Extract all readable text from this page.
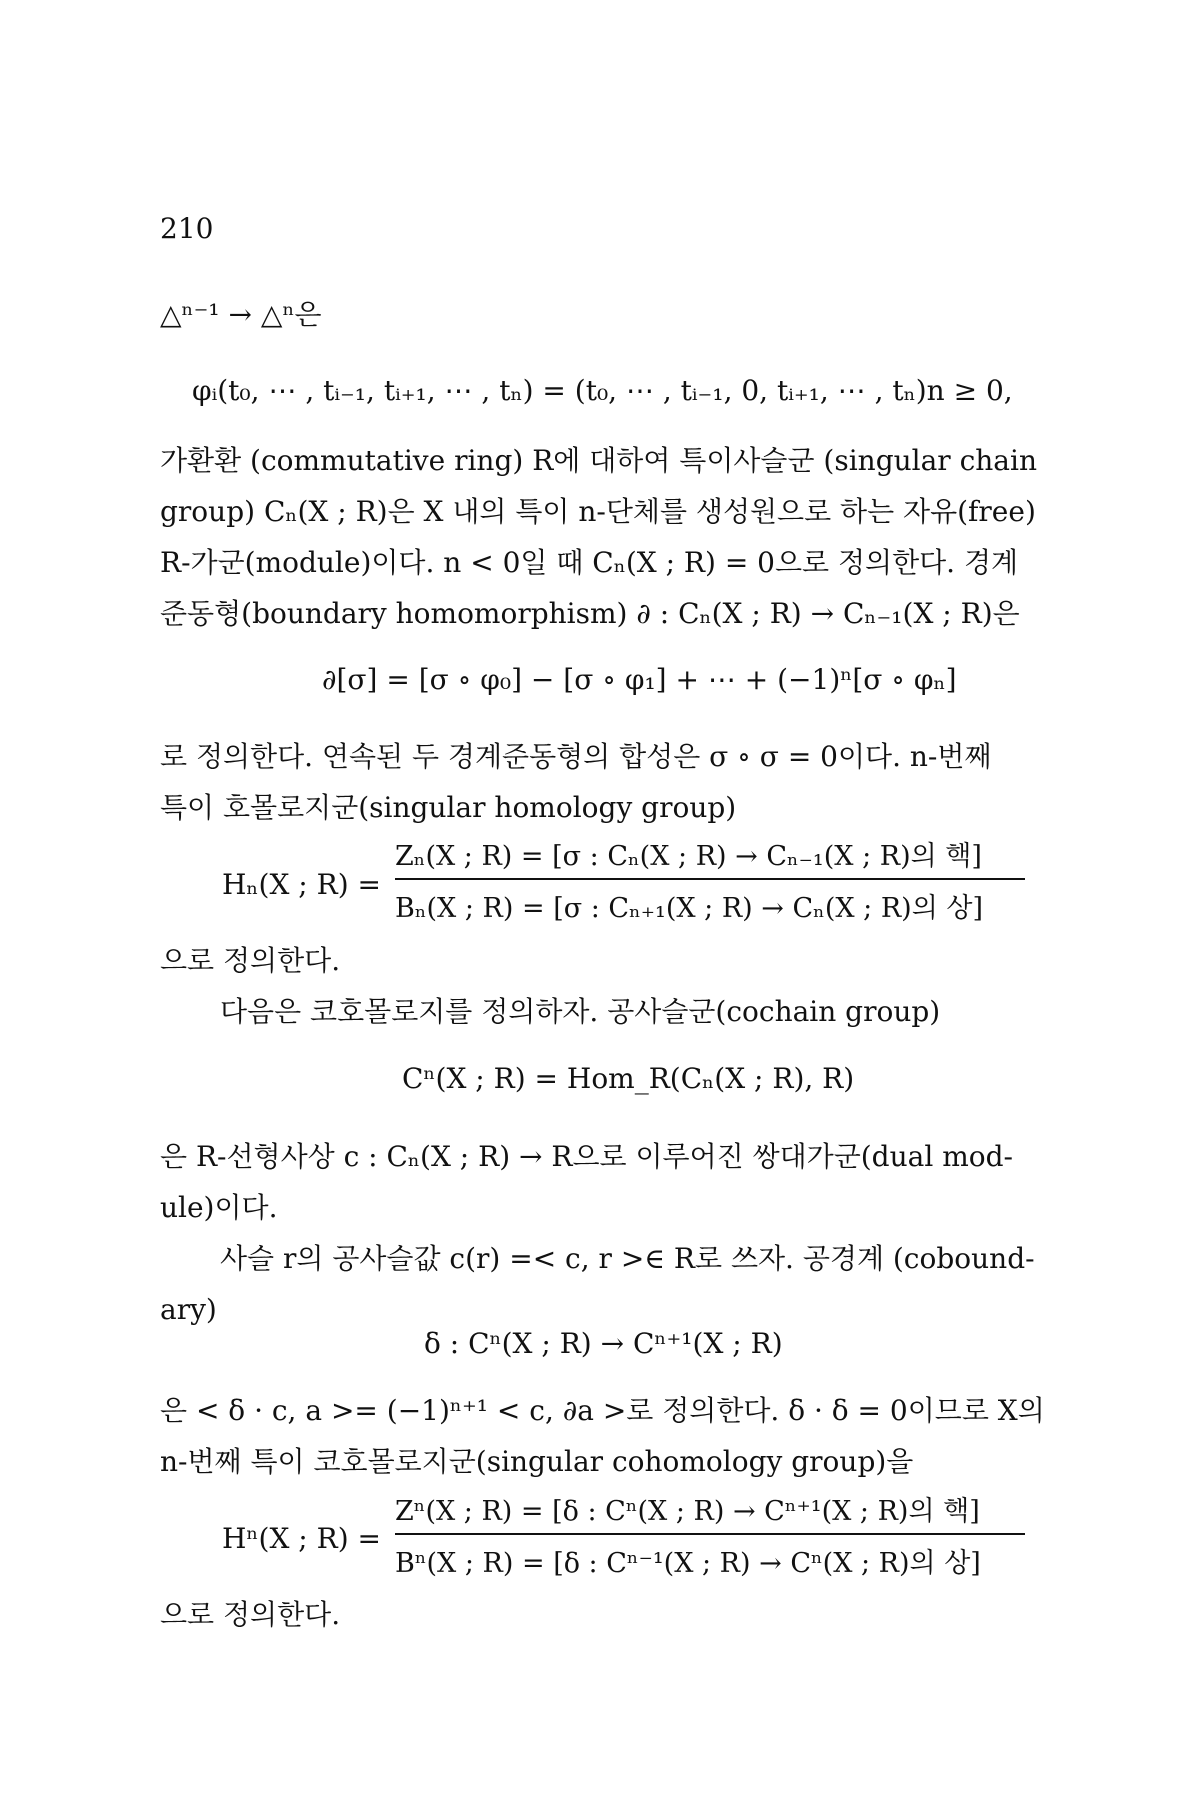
210
△ⁿ⁻¹ → △ⁿ은
φᵢ(t₀, ⋯ , tᵢ₋₁, tᵢ₊₁, ⋯ , tₙ) = (t₀, ⋯ , tᵢ₋₁, 0, tᵢ₊₁, ⋯ , tₙ)n ≥ 0,
가환환 (commutative ring) R에 대하여 특이사슬군 (singular chain
group) Cₙ(X ; R)은 X 내의 특이 n-단체를 생성원으로 하는 자유(free)
R-가군(module)이다. n < 0일 때 Cₙ(X ; R) = 0으로 정의한다. 경계
준동형(boundary homomorphism) ∂ : Cₙ(X ; R) → Cₙ₋₁(X ; R)은
∂[σ] = [σ ∘ φ₀] − [σ ∘ φ₁] + ⋯ + (−1)ⁿ[σ ∘ φₙ]
로 정의한다. 연속된 두 경계준동형의 합성은 σ ∘ σ = 0이다. n-번째
특이 호몰로지군(singular homology group)
Hₙ(X ; R) =
Zₙ(X ; R) = [σ : Cₙ(X ; R) → Cₙ₋₁(X ; R)의 핵]
Bₙ(X ; R) = [σ : Cₙ₊₁(X ; R) → Cₙ(X ; R)의 상]
으로 정의한다.
다음은 코호몰로지를 정의하자. 공사슬군(cochain group)
Cⁿ(X ; R) = Hom_R(Cₙ(X ; R), R)
은 R-선형사상 c : Cₙ(X ; R) → R으로 이루어진 쌍대가군(dual mod-
ule)이다.
사슬 r의 공사슬값 c(r) =< c, r >∈ R로 쓰자. 공경계 (cobound-
ary)
δ : Cⁿ(X ; R) → Cⁿ⁺¹(X ; R)
은 < δ · c, a >= (−1)ⁿ⁺¹ < c, ∂a >로 정의한다. δ · δ = 0이므로 X의
n-번째 특이 코호몰로지군(singular cohomology group)을
Hⁿ(X ; R) =
Zⁿ(X ; R) = [δ : Cⁿ(X ; R) → Cⁿ⁺¹(X ; R)의 핵]
Bⁿ(X ; R) = [δ : Cⁿ⁻¹(X ; R) → Cⁿ(X ; R)의 상]
으로 정의한다.
